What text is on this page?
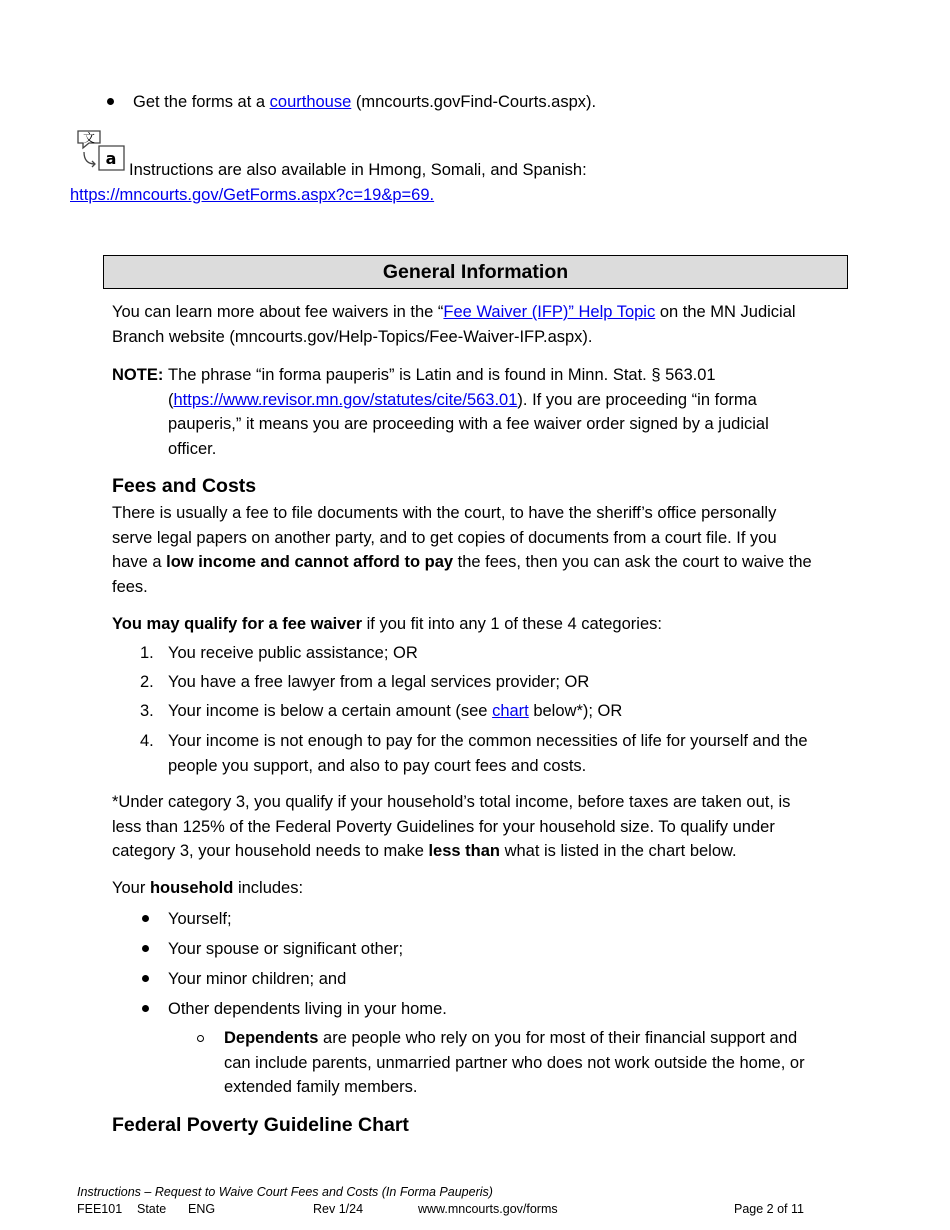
Get the forms at a courthouse (mncourts.govFind-Courts.aspx).
文
a
Instructions are also available in Hmong, Somali, and Spanish:
https://mncourts.gov/GetForms.aspx?c=19&p=69.
General Information
You can learn more about fee waivers in the “Fee Waiver (IFP)” Help Topic on the MN Judicial
Branch website (mncourts.gov/Help-Topics/Fee-Waiver-IFP.aspx).
NOTE: The phrase “in forma pauperis” is Latin and is found in Minn. Stat. § 563.01
(https://www.revisor.mn.gov/statutes/cite/563.01). If you are proceeding “in forma
pauperis,” it means you are proceeding with a fee waiver order signed by a judicial
officer.
Fees and Costs
There is usually a fee to file documents with the court, to have the sheriff’s office personally
serve legal papers on another party, and to get copies of documents from a court file. If you
have a low income and cannot afford to pay the fees, then you can ask the court to waive the
fees.
You may qualify for a fee waiver if you fit into any 1 of these 4 categories:
1. You receive public assistance; OR
2. You have a free lawyer from a legal services provider; OR
3. Your income is below a certain amount (see chart below*); OR
4. Your income is not enough to pay for the common necessities of life for yourself and the
people you support, and also to pay court fees and costs.
*Under category 3, you qualify if your household’s total income, before taxes are taken out, is
less than 125% of the Federal Poverty Guidelines for your household size. To qualify under
category 3, your household needs to make less than what is listed in the chart below.
Your household includes:
Yourself;
Your spouse or significant other;
Your minor children; and
Other dependents living in your home.
Dependents are people who rely on you for most of their financial support and
can include parents, unmarried partner who does not work outside the home, or
extended family members.
Federal Poverty Guideline Chart
Instructions – Request to Waive Court Fees and Costs (In Forma Pauperis)
FEE101 State ENG	Rev 1/24	www.mncourts.gov/forms	Page 2 of 11
